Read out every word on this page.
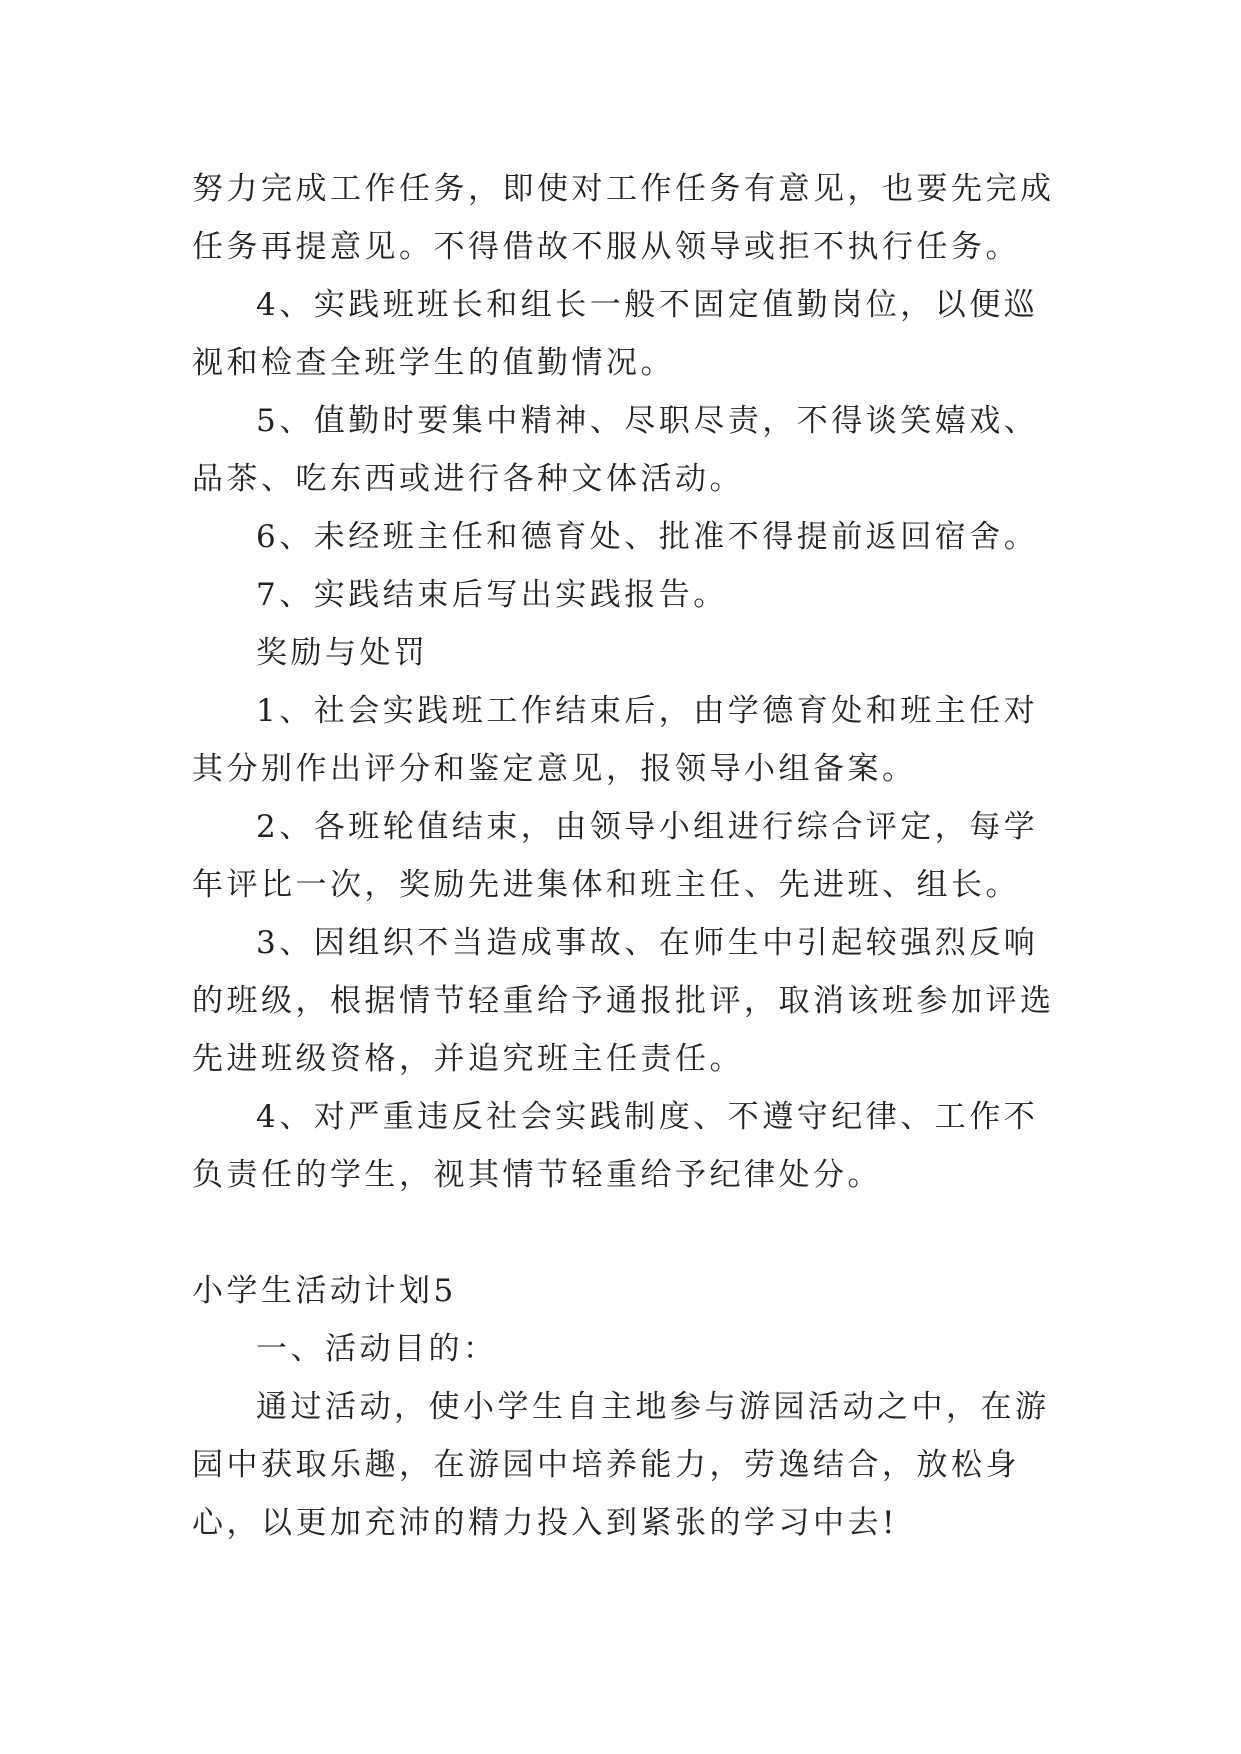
努力完成工作任务，即使对工作任务有意见，也要先完成任务再提意见。不得借故不服从领导或拒不执行任务。

4、实践班班长和组长一般不固定值勤岗位，以便巡视和检查全班学生的值勤情况。

5、值勤时要集中精神、尽职尽责，不得谈笑嬉戏、品茶、吃东西或进行各种文体活动。

6、未经班主任和德育处、批准不得提前返回宿舍。

7、实践结束后写出实践报告。

奖励与处罚

1、社会实践班工作结束后，由学德育处和班主任对其分别作出评分和鉴定意见，报领导小组备案。

2、各班轮值结束，由领导小组进行综合评定，每学年评比一次，奖励先进集体和班主任、先进班、组长。

3、因组织不当造成事故、在师生中引起较强烈反响的班级，根据情节轻重给予通报批评，取消该班参加评选先进班级资格，并追究班主任责任。

4、对严重违反社会实践制度、不遵守纪律、工作不负责任的学生，视其情节轻重给予纪律处分。

小学生活动计划5

一、活动目的：

通过活动，使小学生自主地参与游园活动之中，在游园中获取乐趣，在游园中培养能力，劳逸结合，放松身心，以更加充沛的精力投入到紧张的学习中去!
